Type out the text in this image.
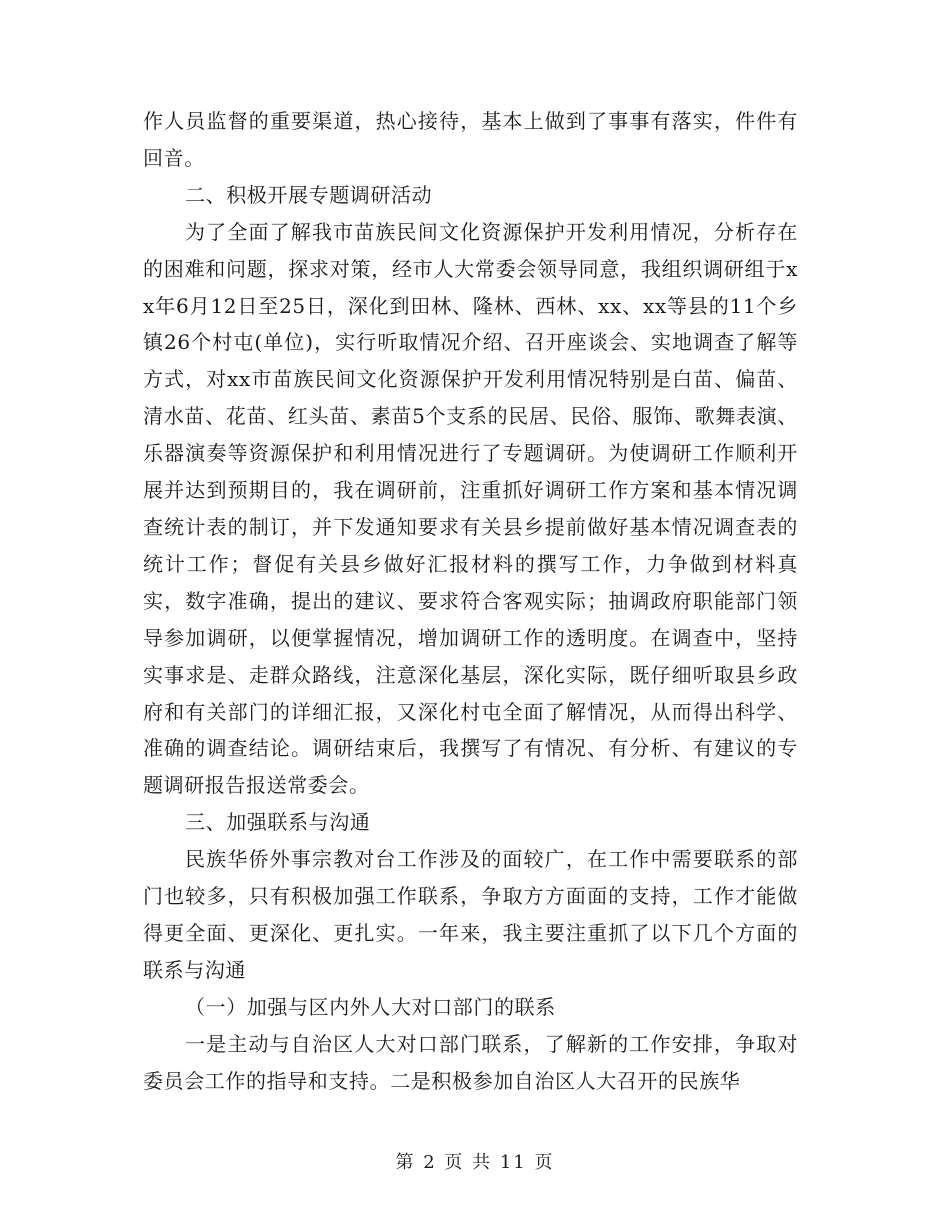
作人员监督的重要渠道，热心接待，基本上做到了事事有落实，件件有回音。

二、积极开展专题调研活动

为了全面了解我市苗族民间文化资源保护开发利用情况，分析存在的困难和问题，探求对策，经市人大常委会领导同意，我组织调研组于xx年6月12日至25日，深化到田林、隆林、西林、xx、xx等县的11个乡镇26个村屯(单位)，实行听取情况介绍、召开座谈会、实地调查了解等方式，对xx市苗族民间文化资源保护开发利用情况特别是白苗、偏苗、清水苗、花苗、红头苗、素苗5个支系的民居、民俗、服饰、歌舞表演、乐器演奏等资源保护和利用情况进行了专题调研。为使调研工作顺利开展并达到预期目的，我在调研前，注重抓好调研工作方案和基本情况调查统计表的制订，并下发通知要求有关县乡提前做好基本情况调查表的统计工作；督促有关县乡做好汇报材料的撰写工作，力争做到材料真实，数字准确，提出的建议、要求符合客观实际；抽调政府职能部门领导参加调研，以便掌握情况，增加调研工作的透明度。在调查中，坚持实事求是、走群众路线，注意深化基层，深化实际，既仔细听取县乡政府和有关部门的详细汇报，又深化村屯全面了解情况，从而得出科学、准确的调查结论。调研结束后，我撰写了有情况、有分析、有建议的专题调研报告报送常委会。

三、加强联系与沟通

民族华侨外事宗教对台工作涉及的面较广，在工作中需要联系的部门也较多，只有积极加强工作联系，争取方方面面的支持，工作才能做得更全面、更深化、更扎实。一年来，我主要注重抓了以下几个方面的联系与沟通

（一）加强与区内外人大对口部门的联系

一是主动与自治区人大对口部门联系，了解新的工作安排，争取对委员会工作的指导和支持。二是积极参加自治区人大召开的民族华

第 2 页 共 11 页
